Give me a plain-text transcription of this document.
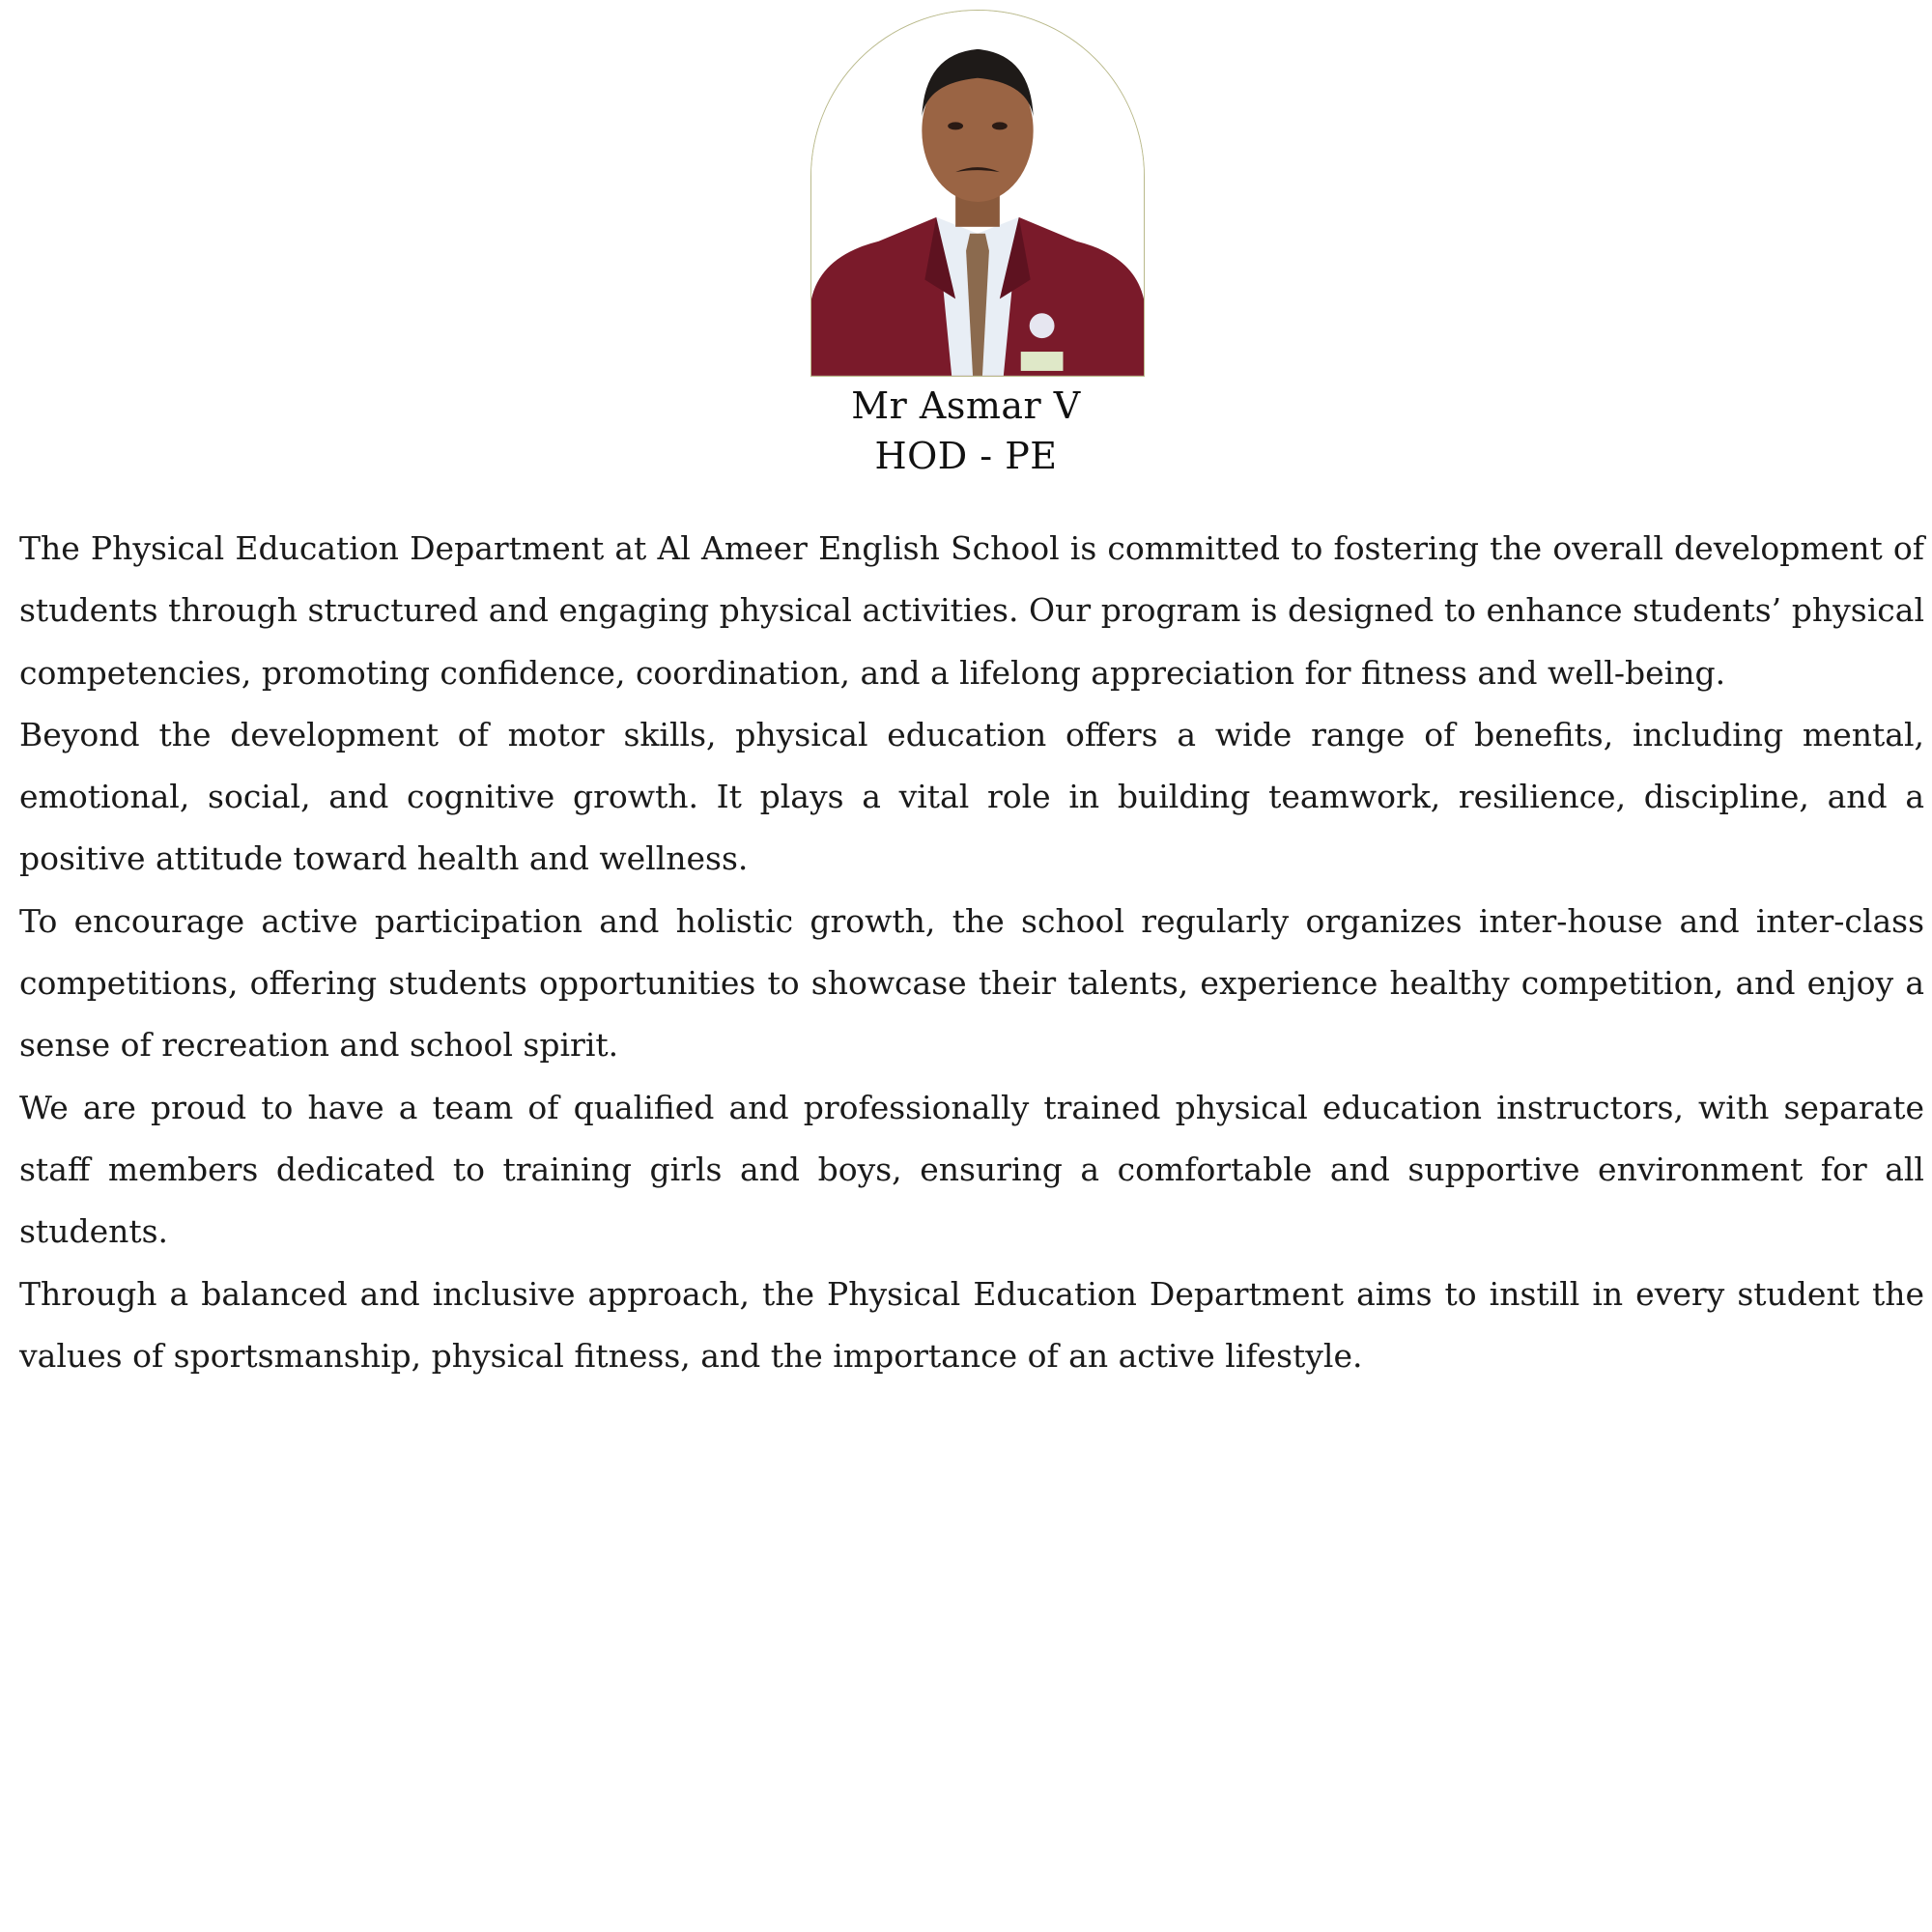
Mr Asmar V
HOD - PE

The Physical Education Department at Al Ameer English School is committed to fostering the overall development of students through structured and engaging physical activities. Our program is designed to enhance students’ physical competencies, promoting confidence, coordination, and a lifelong appreciation for fitness and well-being.

Beyond the development of motor skills, physical education offers a wide range of benefits, including mental, emotional, social, and cognitive growth. It plays a vital role in building teamwork, resilience, discipline, and a positive attitude toward health and wellness.

To encourage active participation and holistic growth, the school regularly organizes inter-house and inter-class competitions, offering students opportunities to showcase their talents, experience healthy competition, and enjoy a sense of recreation and school spirit.

We are proud to have a team of qualified and professionally trained physical education instructors, with separate staff members dedicated to training girls and boys, ensuring a comfortable and supportive environment for all students.

Through a balanced and inclusive approach, the Physical Education Department aims to instill in every student the values of sportsmanship, physical fitness, and the importance of an active lifestyle.
